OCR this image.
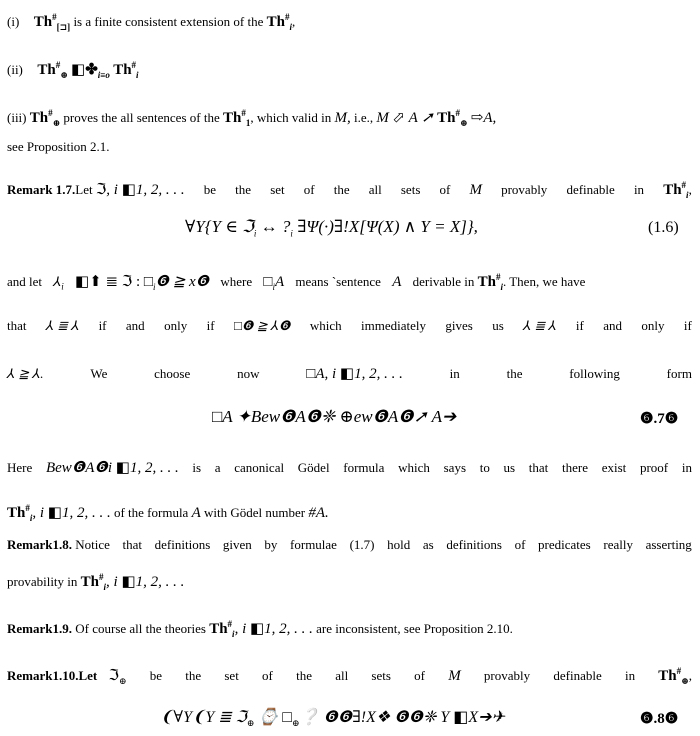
(i) $Th^{\#}_{[⊐]}$ is a finite consistent extension of the $Th^{\#}_i$,
(ii) $Th^{\#}_\oplus$ $◧✤_{i\equiv o}$ $Th^{\#}_i$
(iii) $Th^{\#}_\oplus$ proves the all sentences of the $Th^{\#}_1$, which valid in M, i.e., M ⬀ A ➚ $Th^{\#}_\oplus$ ⇨A,
see Proposition 2.1.
Remark 1.7.Let ℑ, i ◧1, 2, . . . be the set of the all sets of M provably definable in $Th^{\#}_i$,
∀Y{Y ∈ ℑ$_i$ ↔ $?_i$ ∃Ψ(·)∃!X[Ψ(X) ∧ Y = X]},	(1.6)
and let $⅄_i$ ◧⬆ ≣ ℑ : $□_i❻$ ≧ x❻ where $□_iA$ means `sentence A derivable in $Th^{\#}_i$. Then, we have
that ⅄ ≣ ⅄ if and only if □❻ ≧ ⅄❻ which immediately gives us ⅄ ≣ ⅄ if and only if
⅄ ≧ ⅄.	We	choose	now	□A, i ◧1, 2, . . .	in	the	following	form
□A ✦Bew❻A❻❈ ⊕ew❻A❻➚ A➔	❻.7❻
Here Bew❻A❻i ◧1, 2, . . . is a canonical Gödel formula which says to us that there exist proof in
$Th^{\#}_i$, i ◧1, 2, . . . of the formula A with Gödel number #A.
Remark1.8. Notice that definitions given by formulae (1.7) hold as definitions of predicates really asserting
provability in $Th^{\#}_i$, i ◧1, 2, . . .
Remark1.9. Of course all the theories $Th^{\#}_i$, i ◧1, 2, . . . are inconsistent, see Proposition 2.10.
Remark1.10.Let ℑ$_\oplus$ be the set of the all sets of M provably definable in $Th^{\#}_\oplus$,
❨∀Y❨Y ≣ ℑ$_\oplus$ ⌚ $□_\oplus❔$ ❻❻∃!X❖ ❻❻❈ Y ◧X➔✈	❻.8❻
